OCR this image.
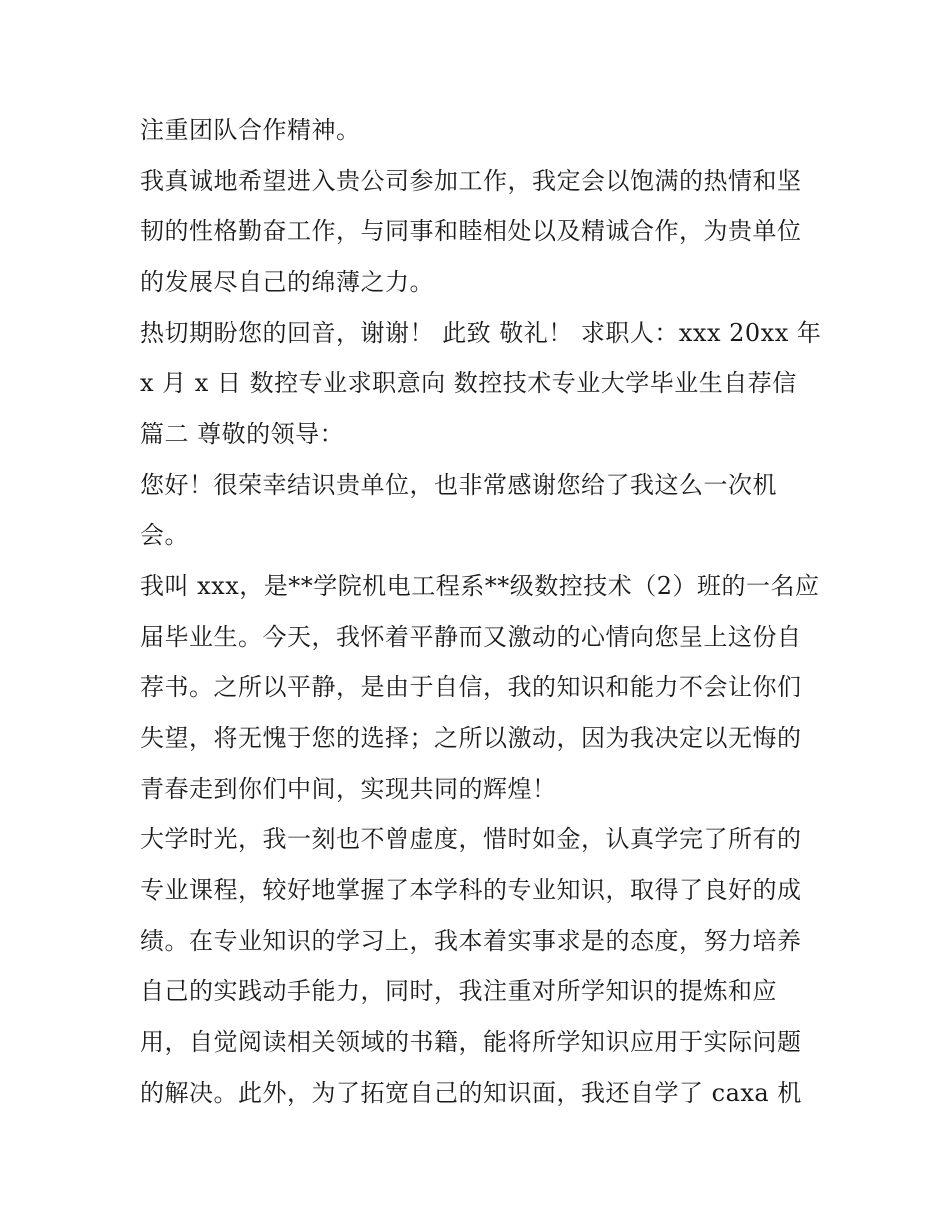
注重团队合作精神。

我真诚地希望进入贵公司参加工作，我定会以饱满的热情和坚

韧的性格勤奋工作，与同事和睦相处以及精诚合作，为贵单位

的发展尽自己的绵薄之力。

热切期盼您的回音，谢谢！ 此致 敬礼！ 求职人：xxx 20xx 年

x 月 x 日 数控专业求职意向 数控技术专业大学毕业生自荐信

篇二 尊敬的领导：

您好！很荣幸结识贵单位，也非常感谢您给了我这么一次机

会。

我叫 xxx，是**学院机电工程系**级数控技术（2）班的一名应

届毕业生。今天，我怀着平静而又激动的心情向您呈上这份自

荐书。之所以平静，是由于自信，我的知识和能力不会让你们

失望，将无愧于您的选择；之所以激动，因为我决定以无悔的

青春走到你们中间，实现共同的辉煌！

大学时光，我一刻也不曾虚度，惜时如金，认真学完了所有的

专业课程，较好地掌握了本学科的专业知识，取得了良好的成

绩。在专业知识的学习上，我本着实事求是的态度，努力培养

自己的实践动手能力，同时，我注重对所学知识的提炼和应

用，自觉阅读相关领域的书籍，能将所学知识应用于实际问题

的解决。此外，为了拓宽自己的知识面，我还自学了 caxa 机
